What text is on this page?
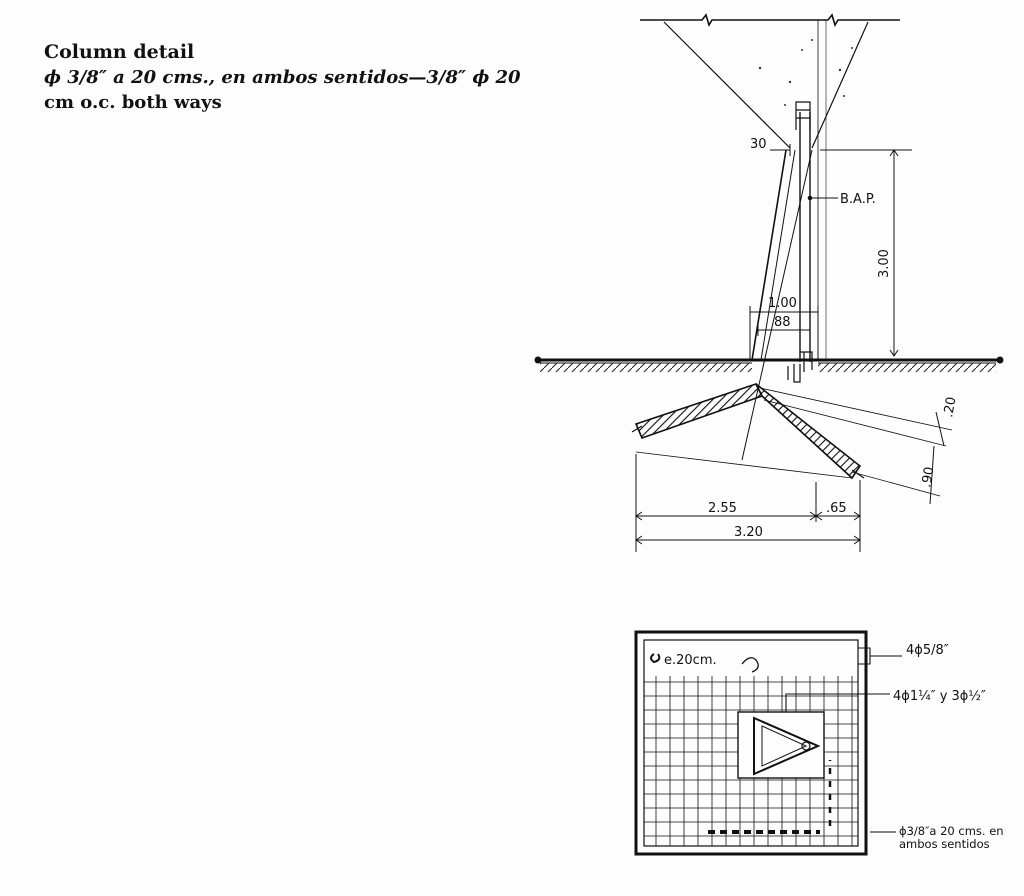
Column detail
ϕ 3/8″ a 20 cms., en ambos sentidos—3/8″ ϕ 20
cm o.c. both ways
30
B.A.P.
3.00
1.00
88
.20
.90
2.55	.65
3.20
e.20cm.
4ϕ5/8″
4ϕ1¼″ y 3ϕ½″
ϕ3/8″a 20 cms. en
ambos sentidos
